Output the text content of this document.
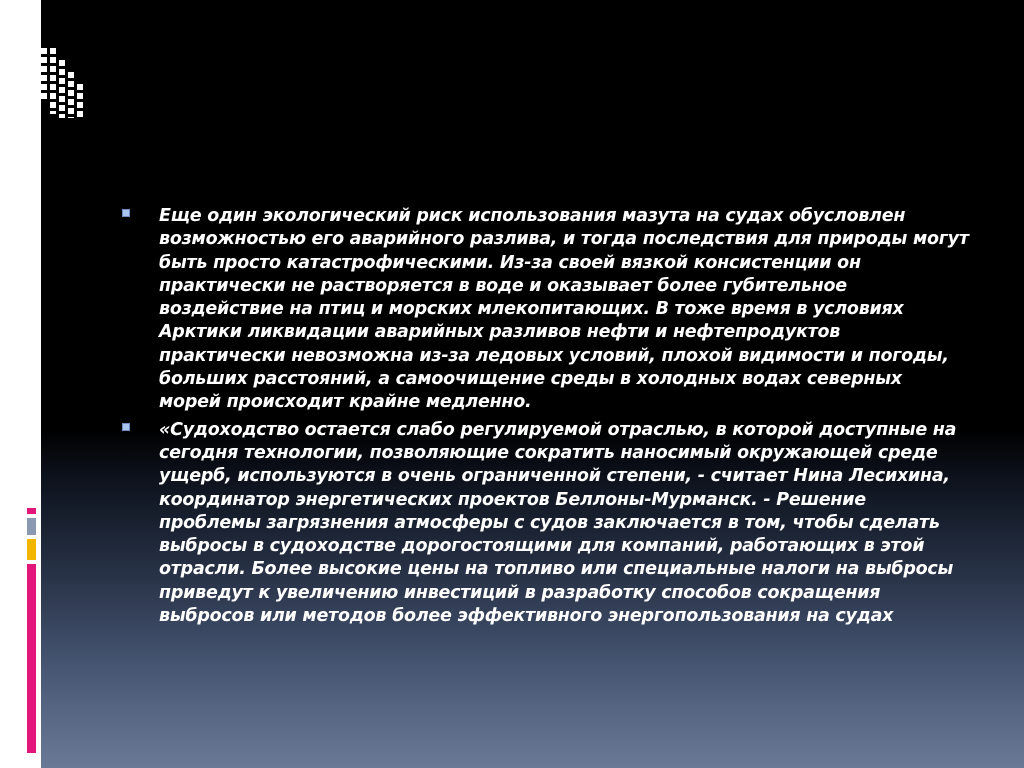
Еще один экологический риск использования мазута на судах обусловлен возможностью его аварийного разлива, и тогда последствия для природы могут быть просто катастрофическими. Из-за своей вязкой консистенции он практически не растворяется в воде и оказывает более губительное воздействие на птиц и морских млекопитающих. В тоже время в условиях Арктики ликвидации аварийных разливов нефти и нефтепродуктов практически невозможна из-за ледовых условий, плохой видимости и погоды, больших расстояний, а самоочищение среды в холодных водах северных морей происходит крайне медленно.
«Судоходство остается слабо регулируемой отраслью, в которой доступные на сегодня технологии, позволяющие сократить наносимый окружающей среде ущерб, используются в очень ограниченной степени, - считает Нина Лесихина, координатор энергетических проектов Беллоны-Мурманск. - Решение проблемы загрязнения атмосферы с судов заключается в том, чтобы сделать выбросы в судоходстве дорогостоящими для компаний, работающих в этой отрасли. Более высокие цены на топливо или специальные налоги на выбросы приведут к увеличению инвестиций в разработку способов сокращения выбросов или методов более эффективного энергопользования на судах
